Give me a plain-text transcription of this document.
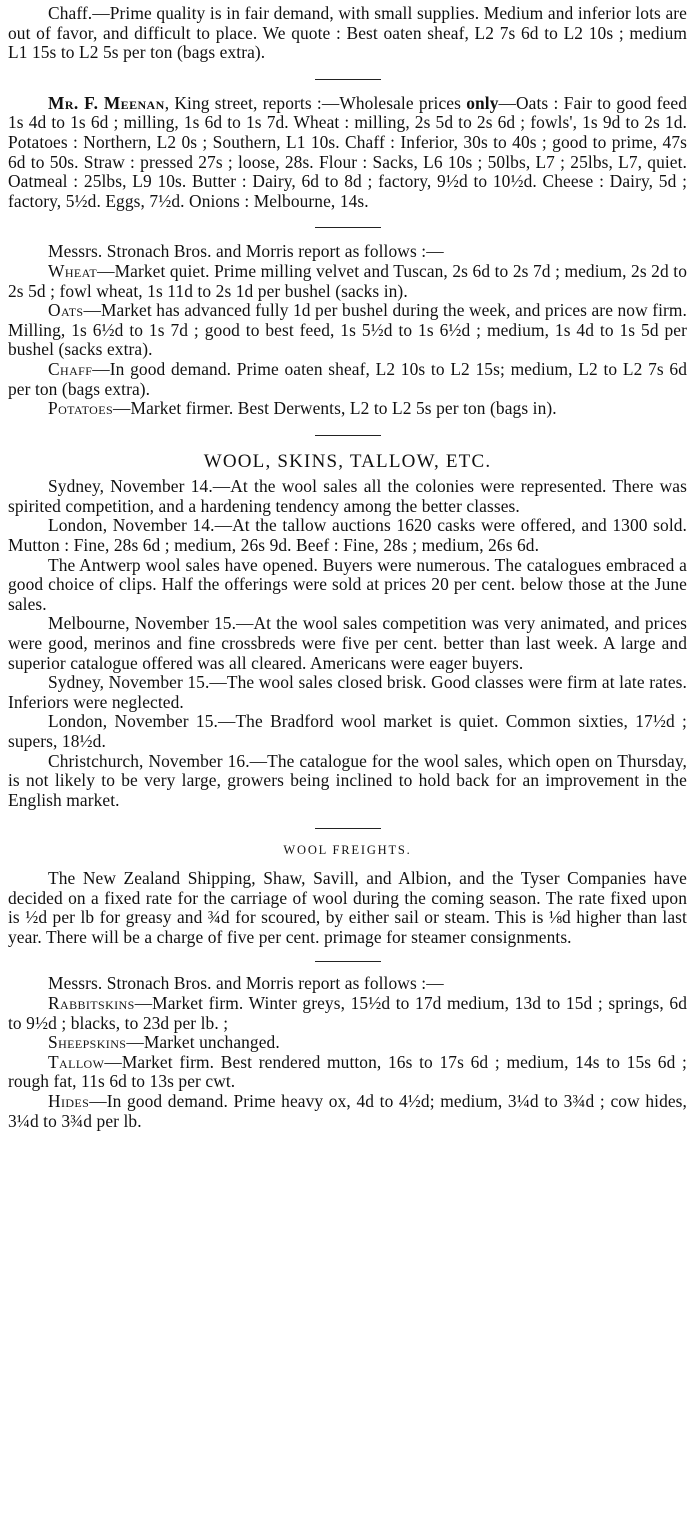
Chaff.—Prime quality is in fair demand, with small supplies. Medium and inferior lots are out of favor, and difficult to place. We quote : Best oaten sheaf, L2 7s 6d to L2 10s ; medium L1 15s to L2 5s per ton (bags extra).

Mr. F. Meenan, King street, reports :—Wholesale prices only—Oats : Fair to good feed 1s 4d to 1s 6d ; milling, 1s 6d to 1s 7d. Wheat : milling, 2s 5d to 2s 6d ; fowls', 1s 9d to 2s 1d. Potatoes : Northern, L2 0s ; Southern, L1 10s. Chaff : Inferior, 30s to 40s ; good to prime, 47s 6d to 50s. Straw : pressed 27s ; loose, 28s. Flour : Sacks, L6 10s ; 50lbs, L7 ; 25lbs, L7, quiet. Oatmeal : 25lbs, L9 10s. Butter : Dairy, 6d to 8d ; factory, 9½d to 10½d. Cheese : Dairy, 5d ; factory, 5½d. Eggs, 7½d. Onions : Melbourne, 14s.

Messrs. Stronach Bros. and Morris report as follows :—

Wheat—Market quiet. Prime milling velvet and Tuscan, 2s 6d to 2s 7d ; medium, 2s 2d to 2s 5d ; fowl wheat, 1s 11d to 2s 1d per bushel (sacks in).

Oats—Market has advanced fully 1d per bushel during the week, and prices are now firm. Milling, 1s 6½d to 1s 7d ; good to best feed, 1s 5½d to 1s 6½d ; medium, 1s 4d to 1s 5d per bushel (sacks extra).

Chaff—In good demand. Prime oaten sheaf, L2 10s to L2 15s; medium, L2 to L2 7s 6d per ton (bags extra).

Potatoes—Market firmer. Best Derwents, L2 to L2 5s per ton (bags in).

WOOL, SKINS, TALLOW, ETC.

Sydney, November 14.—At the wool sales all the colonies were represented. There was spirited competition, and a hardening tendency among the better classes.

London, November 14.—At the tallow auctions 1620 casks were offered, and 1300 sold. Mutton : Fine, 28s 6d ; medium, 26s 9d. Beef : Fine, 28s ; medium, 26s 6d.

The Antwerp wool sales have opened. Buyers were numerous. The catalogues embraced a good choice of clips. Half the offerings were sold at prices 20 per cent. below those at the June sales.

Melbourne, November 15.—At the wool sales competition was very animated, and prices were good, merinos and fine crossbreds were five per cent. better than last week. A large and superior catalogue offered was all cleared. Americans were eager buyers.

Sydney, November 15.—The wool sales closed brisk. Good classes were firm at late rates. Inferiors were neglected.

London, November 15.—The Bradford wool market is quiet. Common sixties, 17½d ; supers, 18½d.

Christchurch, November 16.—The catalogue for the wool sales, which open on Thursday, is not likely to be very large, growers being inclined to hold back for an improvement in the English market.

WOOL FREIGHTS.

The New Zealand Shipping, Shaw, Savill, and Albion, and the Tyser Companies have decided on a fixed rate for the carriage of wool during the coming season. The rate fixed upon is ½d per lb for greasy and ¾d for scoured, by either sail or steam. This is ⅛d higher than last year. There will be a charge of five per cent. primage for steamer consignments.

Messrs. Stronach Bros. and Morris report as follows :—

Rabbitskins—Market firm. Winter greys, 15½d to 17d medium, 13d to 15d ; springs, 6d to 9½d ; blacks, to 23d per lb. ;

Sheepskins—Market unchanged.

Tallow—Market firm. Best rendered mutton, 16s to 17s 6d ; medium, 14s to 15s 6d ; rough fat, 11s 6d to 13s per cwt.

Hides—In good demand. Prime heavy ox, 4d to 4½d; medium, 3¼d to 3¾d ; cow hides, 3¼d to 3¾d per lb.
